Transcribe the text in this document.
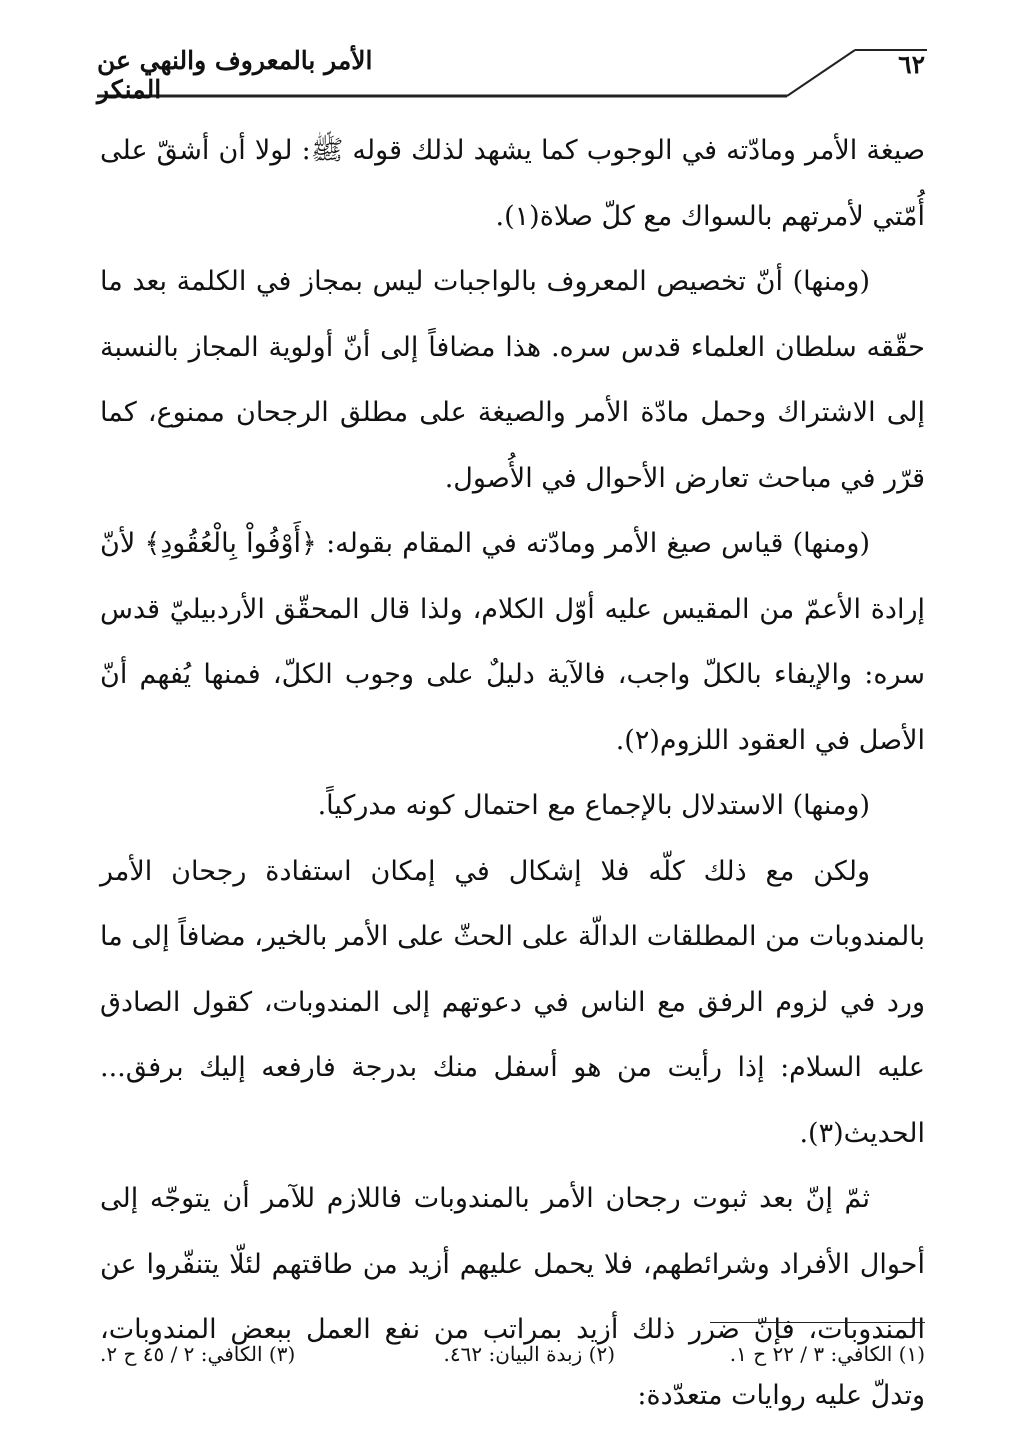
الأمر بالمعروف والنهي عن المنكر
٦٢

صيغة الأمر ومادّته في الوجوب كما يشهد لذلك قوله ﷺ: لولا أن أشقّ على أُمّتي لأمرتهم بالسواك مع كلّ صلاة(١).

(ومنها) أنّ تخصيص المعروف بالواجبات ليس بمجاز في الكلمة بعد ما حقّقه سلطان العلماء قدس سره. هذا مضافاً إلى أنّ أولوية المجاز بالنسبة إلى الاشتراك وحمل مادّة الأمر والصيغة على مطلق الرجحان ممنوع، كما قرّر في مباحث تعارض الأحوال في الأُصول.

(ومنها) قياس صيغ الأمر ومادّته في المقام بقوله: ﴿أَوْفُواْ بِالْعُقُودِ﴾ لأنّ إرادة الأعمّ من المقيس عليه أوّل الكلام، ولذا قال المحقّق الأردبيليّ قدس سره: والإيفاء بالكلّ واجب، فالآية دليلٌ على وجوب الكلّ، فمنها يُفهم أنّ الأصل في العقود اللزوم(٢).

(ومنها) الاستدلال بالإجماع مع احتمال كونه مدركياً.

ولكن مع ذلك كلّه فلا إشكال في إمكان استفادة رجحان الأمر بالمندوبات من المطلقات الدالّة على الحثّ على الأمر بالخير، مضافاً إلى ما ورد في لزوم الرفق مع الناس في دعوتهم إلى المندوبات، كقول الصادق عليه السلام: إذا رأيت من هو أسفل منك بدرجة فارفعه إليك برفق... الحديث(٣).

ثمّ إنّ بعد ثبوت رجحان الأمر بالمندوبات فاللازم للآمر أن يتوجّه إلى أحوال الأفراد وشرائطهم، فلا يحمل عليهم أزيد من طاقتهم لئلّا يتنفّروا عن المندوبات، فإنّ ضرر ذلك أزيد بمراتب من نفع العمل ببعض المندوبات، وتدلّ عليه روايات متعدّدة:

(١) الكافي: ٣ / ٢٢ ح ١.
(٢) زبدة البيان: ٤٦٢.
(٣) الكافي: ٢ / ٤٥ ح ٢.
